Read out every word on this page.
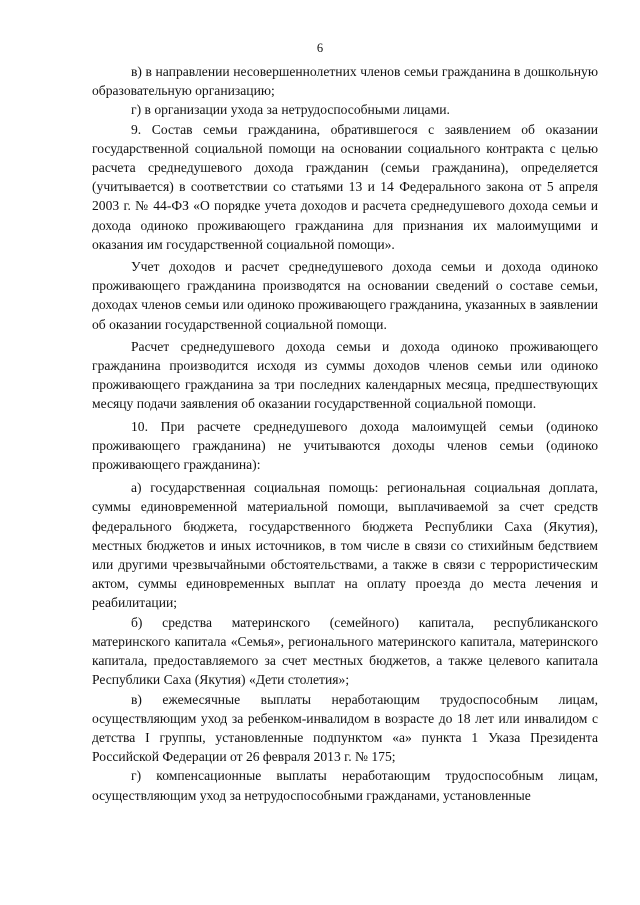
6

в) в направлении несовершеннолетних членов семьи гражданина в дошкольную образовательную организацию;

г) в организации ухода за нетрудоспособными лицами.

9. Состав семьи гражданина, обратившегося с заявлением об оказании государственной социальной помощи на основании социального контракта с целью расчета среднедушевого дохода гражданин (семьи гражданина), определяется (учитывается) в соответствии со статьями 13 и 14 Федерального закона от 5 апреля 2003 г. № 44-ФЗ «О порядке учета доходов и расчета среднедушевого дохода семьи и дохода одиноко проживающего гражданина для признания их малоимущими и оказания им государственной социальной помощи».

Учет доходов и расчет среднедушевого дохода семьи и дохода одиноко проживающего гражданина производятся на основании сведений о составе семьи, доходах членов семьи или одиноко проживающего гражданина, указанных в заявлении об оказании государственной социальной помощи.

Расчет среднедушевого дохода семьи и дохода одиноко проживающего гражданина производится исходя из суммы доходов членов семьи или одиноко проживающего гражданина за три последних календарных месяца, предшествующих месяцу подачи заявления об оказании государственной социальной помощи.

10. При расчете среднедушевого дохода малоимущей семьи (одиноко проживающего гражданина) не учитываются доходы членов семьи (одиноко проживающего гражданина):

а) государственная социальная помощь: региональная социальная доплата, суммы единовременной материальной помощи, выплачиваемой за счет средств федерального бюджета, государственного бюджета Республики Саха (Якутия), местных бюджетов и иных источников, в том числе в связи со стихийным бедствием или другими чрезвычайными обстоятельствами, а также в связи с террористическим актом, суммы единовременных выплат на оплату проезда до места лечения и реабилитации;

б) средства материнского (семейного) капитала, республиканского материнского капитала «Семья», регионального материнского капитала, материнского капитала, предоставляемого за счет местных бюджетов, а также целевого капитала Республики Саха (Якутия) «Дети столетия»;

в) ежемесячные выплаты неработающим трудоспособным лицам, осуществляющим уход за ребенком-инвалидом в возрасте до 18 лет или инвалидом с детства I группы, установленные подпунктом «а» пункта 1 Указа Президента Российской Федерации от 26 февраля 2013 г. № 175;

г) компенсационные выплаты неработающим трудоспособным лицам, осуществляющим уход за нетрудоспособными гражданами, установленные
